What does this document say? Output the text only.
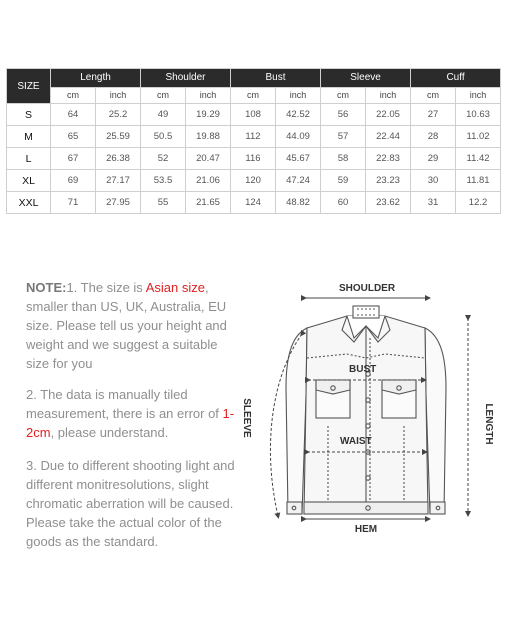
SIZE	Length		Shoulder		Bust		Sleeve		Cuff	
	cm	inch	cm	inch	cm	inch	cm	inch	cm	inch
S	64	25.2	49	19.29	108	42.52	56	22.05	27	10.63
M	65	25.59	50.5	19.88	112	44.09	57	22.44	28	11.02
L	67	26.38	52	20.47	116	45.67	58	22.83	29	11.42
XL	69	27.17	53.5	21.06	120	47.24	59	23.23	30	11.81
XXL	71	27.95	55	21.65	124	48.82	60	23.62	31	12.2
NOTE:1. The size is Asian size, smaller than US, UK, Australia, EU size. Please tell us your height and weight and we suggest a suitable size for you
2. The data is manually tiled measurement, there is an error of 1-2cm, please understand.
3. Due to different shooting light and different monitresolutions, slight chromatic aberration will be caused. Please take the actual color of the goods as the standard.
SHOULDER
BUST
WAIST
HEM
SLEEVE	LENGTH
